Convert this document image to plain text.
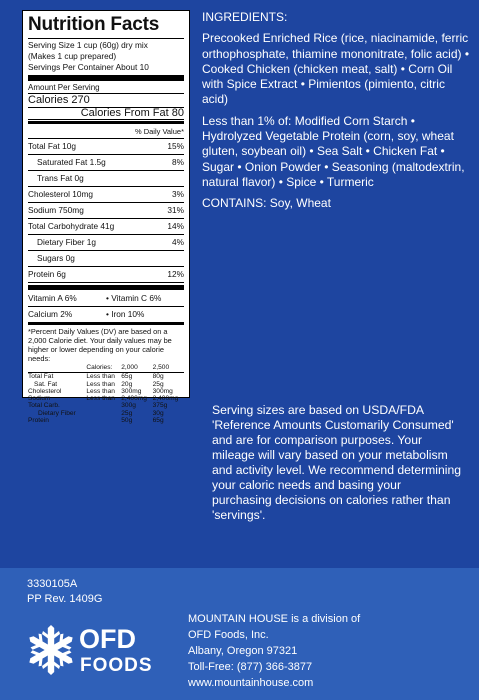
Nutrition Facts
Serving Size 1 cup (60g) dry mix
(Makes 1 cup prepared)
Servings Per Container About 10
Amount Per Serving
Calories 270
Calories From Fat 80
% Daily Value*
Total Fat 10g	15%
Saturated Fat 1.5g	8%
Trans Fat 0g
Cholesterol 10mg	3%
Sodium 750mg	31%
Total Carbohydrate 41g	14%
Dietary Fiber 1g	4%
Sugars 0g
Protein 6g	12%
Vitamin A 6%	• Vitamin C 6%
Calcium 2%	• Iron 10%
*Percent Daily Values (DV) are based on a 2,000 Calorie diet. Your daily values may be higher or lower depending on your calorie needs:
	Calories:	2,000	2,500
Total Fat	Less than	65g	80g
Sat. Fat	Less than	20g	25g
Cholesterol	Less than	300mg	300mg
Sodium	Less than	2,400mg	2,400mg
Total Carb.		300g	375g
Dietary Fiber		25g	30g
Protein		50g	65g

INGREDIENTS:

Precooked Enriched Rice (rice, niacinamide, ferric orthophosphate, thiamine mononitrate, folic acid) • Cooked Chicken (chicken meat, salt) • Corn Oil with Spice Extract • Pimientos (pimiento, citric acid)

Less than 1% of: Modified Corn Starch • Hydrolyzed Vegetable Protein (corn, soy, wheat gluten, soybean oil) • Sea Salt • Chicken Fat • Sugar • Onion Powder • Seasoning (maltodextrin, natural flavor) • Spice • Turmeric

CONTAINS: Soy, Wheat

Serving sizes are based on USDA/FDA 'Reference Amounts Customarily Consumed' and are for comparison purposes. Your mileage will vary based on your metabolism and activity level. We recommend determining your caloric needs and basing your purchasing decisions on calories rather than 'servings'.
3330105A
PP Rev. 1409G
OFD
FOODS
MOUNTAIN HOUSE is a division of
OFD Foods, Inc.
Albany, Oregon 97321
Toll-Free: (877) 366-3877
www.mountainhouse.com
